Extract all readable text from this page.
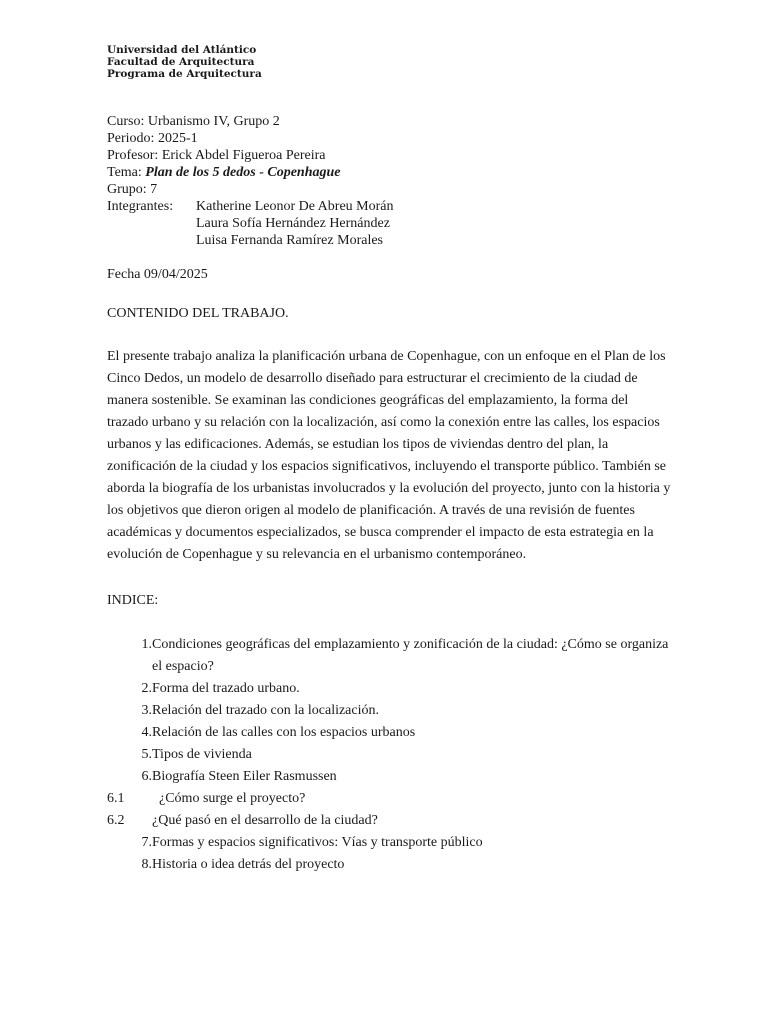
Universidad del Atlántico
Facultad de Arquitectura
Programa de Arquitectura
Curso: Urbanismo IV, Grupo 2
Periodo: 2025-1
Profesor: Erick Abdel Figueroa Pereira
Tema: Plan de los 5 dedos - Copenhague
Grupo: 7
Integrantes:	Katherine Leonor De Abreu Morán
Laura Sofía Hernández Hernández
Luisa Fernanda Ramírez Morales
Fecha 09/04/2025
CONTENIDO DEL TRABAJO.
El presente trabajo analiza la planificación urbana de Copenhague, con un enfoque en el Plan de los
Cinco Dedos, un modelo de desarrollo diseñado para estructurar el crecimiento de la ciudad de
manera sostenible. Se examinan las condiciones geográficas del emplazamiento, la forma del
trazado urbano y su relación con la localización, así como la conexión entre las calles, los espacios
urbanos y las edificaciones. Además, se estudian los tipos de viviendas dentro del plan, la
zonificación de la ciudad y los espacios significativos, incluyendo el transporte público. También se
aborda la biografía de los urbanistas involucrados y la evolución del proyecto, junto con la historia y
los objetivos que dieron origen al modelo de planificación. A través de una revisión de fuentes
académicas y documentos especializados, se busca comprender el impacto de esta estrategia en la
evolución de Copenhague y su relevancia en el urbanismo contemporáneo.
INDICE:
1. Condiciones geográficas del emplazamiento y zonificación de la ciudad: ¿Cómo se organiza
el espacio?
2. Forma del trazado urbano.
3. Relación del trazado con la localización.
4. Relación de las calles con los espacios urbanos
5. Tipos de vivienda
6. Biografía Steen Eiler Rasmussen
6.1	¿Cómo surge el proyecto?
6.2	¿Qué pasó en el desarrollo de la ciudad?
7. Formas y espacios significativos: Vías y transporte público
8. Historia o idea detrás del proyecto
